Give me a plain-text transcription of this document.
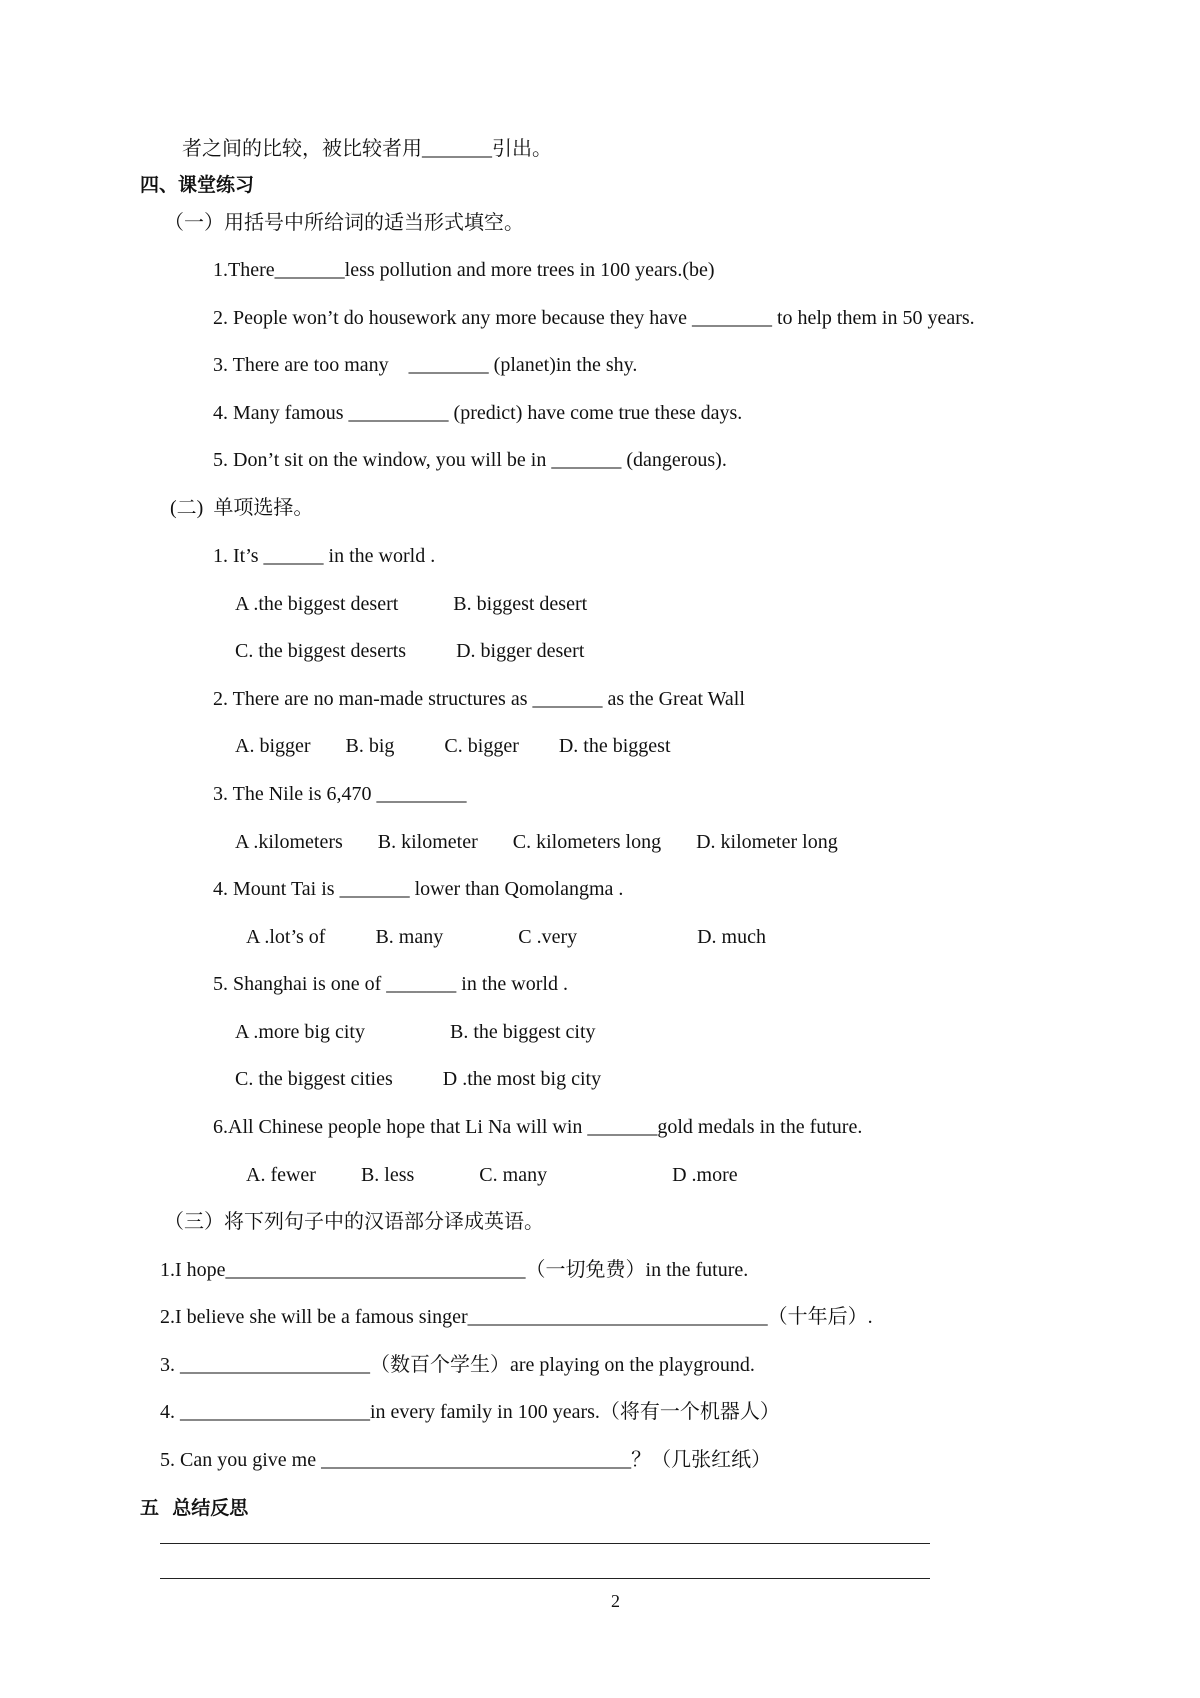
者之间的比较，被比较者用_______引出。
四、课堂练习
（一）用括号中所给词的适当形式填空。
1.There_______less pollution and more trees in 100 years.(be)
2. People won’t do housework any more because they have ________ to help them in 50 years.
3. There are too many    ________ (planet)in the shy.
4. Many famous __________ (predict) have come true these days.
5. Don’t sit on the window, you will be in _______ (dangerous).
(二)  单项选择。
1. It’s ______ in the world .
A .the biggest desert           B. biggest desert
C. the biggest deserts          D. bigger desert
2. There are no man-made structures as _______ as the Great Wall
A. bigger       B. big          C. bigger        D. the biggest
3. The Nile is 6,470 _________
A .kilometers       B. kilometer       C. kilometers long       D. kilometer long
4. Mount Tai is _______ lower than Qomolangma .
A .lot’s of          B. many               C .very                        D. much
5. Shanghai is one of _______ in the world .
A .more big city                 B. the biggest city
C. the biggest cities          D .the most big city
6.All Chinese people hope that Li Na will win _______gold medals in the future.
A. fewer         B. less             C. many                         D .more
（三）将下列句子中的汉语部分译成英语。
1.I hope______________________________（一切免费）in the future.
2.I believe she will be a famous singer______________________________（十年后）.
3. ___________________（数百个学生）are playing on the playground.
4. ___________________in every family in 100 years.（将有一个机器人）
5. Can you give me _______________________________？（几张红纸）
五  总结反思
2
